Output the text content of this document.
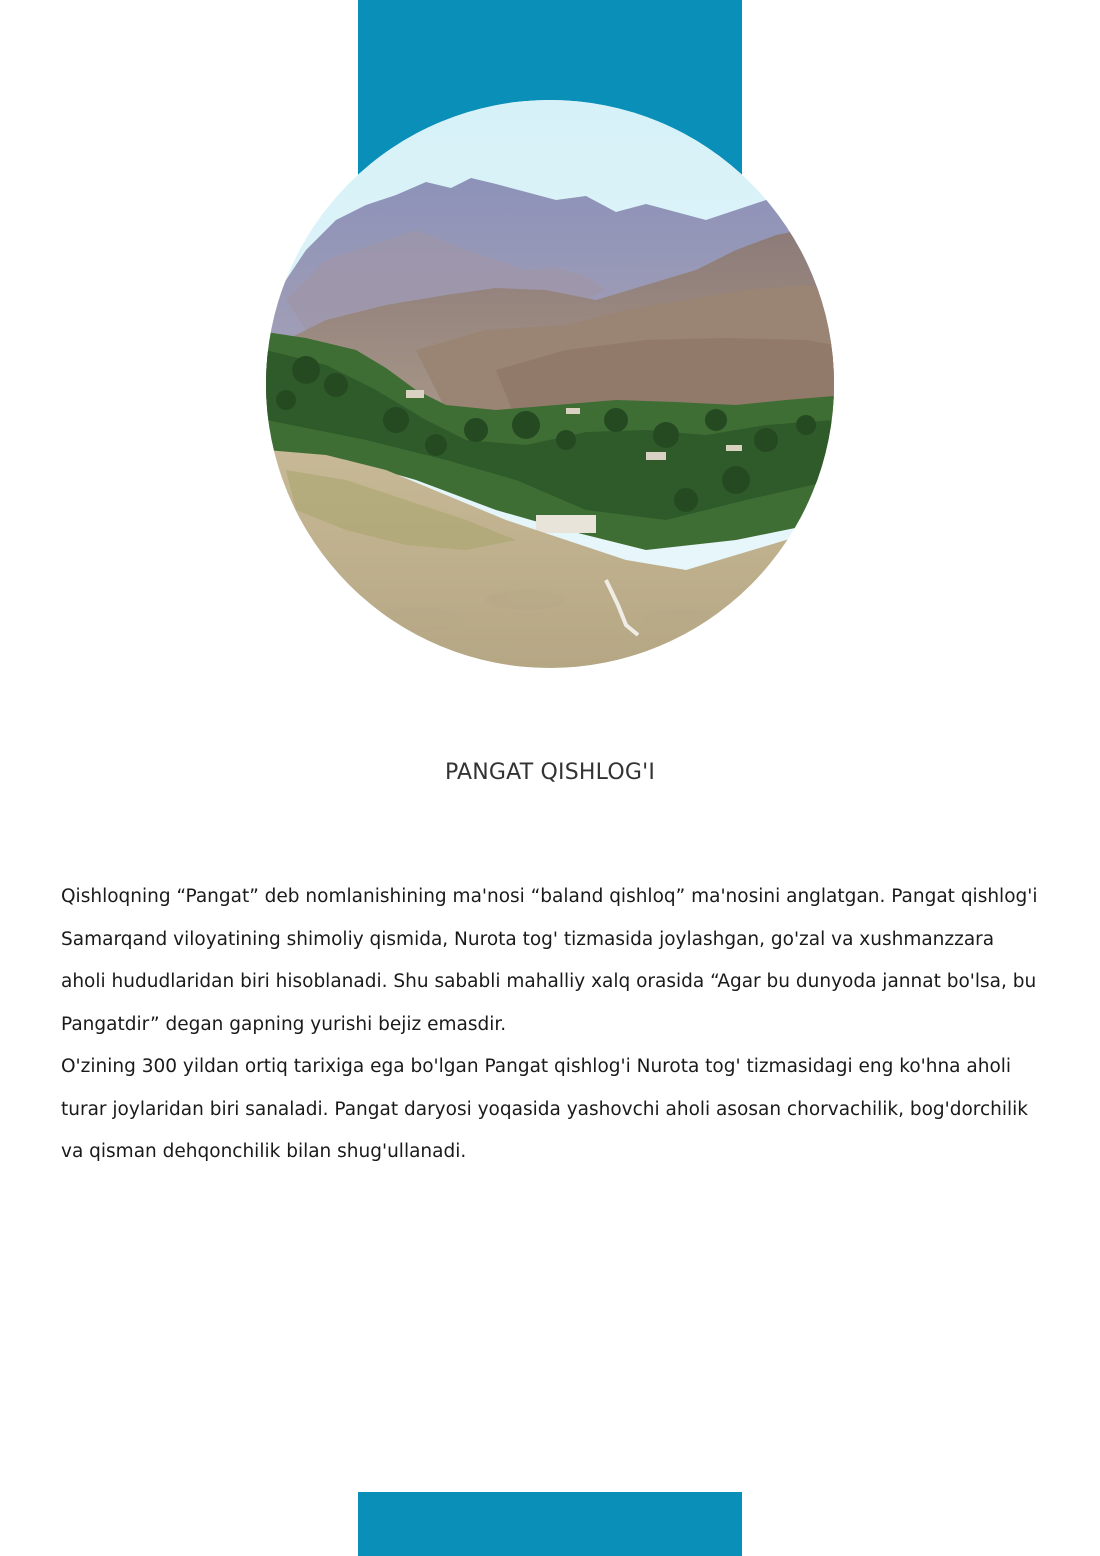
PANGAT QISHLOG'I

Qishloqning “Pangat” deb nomlanishining ma'nosi “baland qishloq” ma'nosini anglatgan. Pangat qishlog'i Samarqand viloyatining shimoliy qismida, Nurota tog' tizmasida joylashgan, go'zal va xushmanzzara aholi hududlaridan biri hisoblanadi. Shu sababli mahalliy xalq orasida “Agar bu dunyoda jannat bo'lsa, bu Pangatdir” degan gapning yurishi bejiz emasdir.

O'zining 300 yildan ortiq tarixiga ega bo'lgan Pangat qishlog'i Nurota tog' tizmasidagi eng ko'hna aholi turar joylaridan biri sanaladi. Pangat daryosi yoqasida yashovchi aholi asosan chorvachilik, bog'dorchilik va qisman dehqonchilik bilan shug'ullanadi.
